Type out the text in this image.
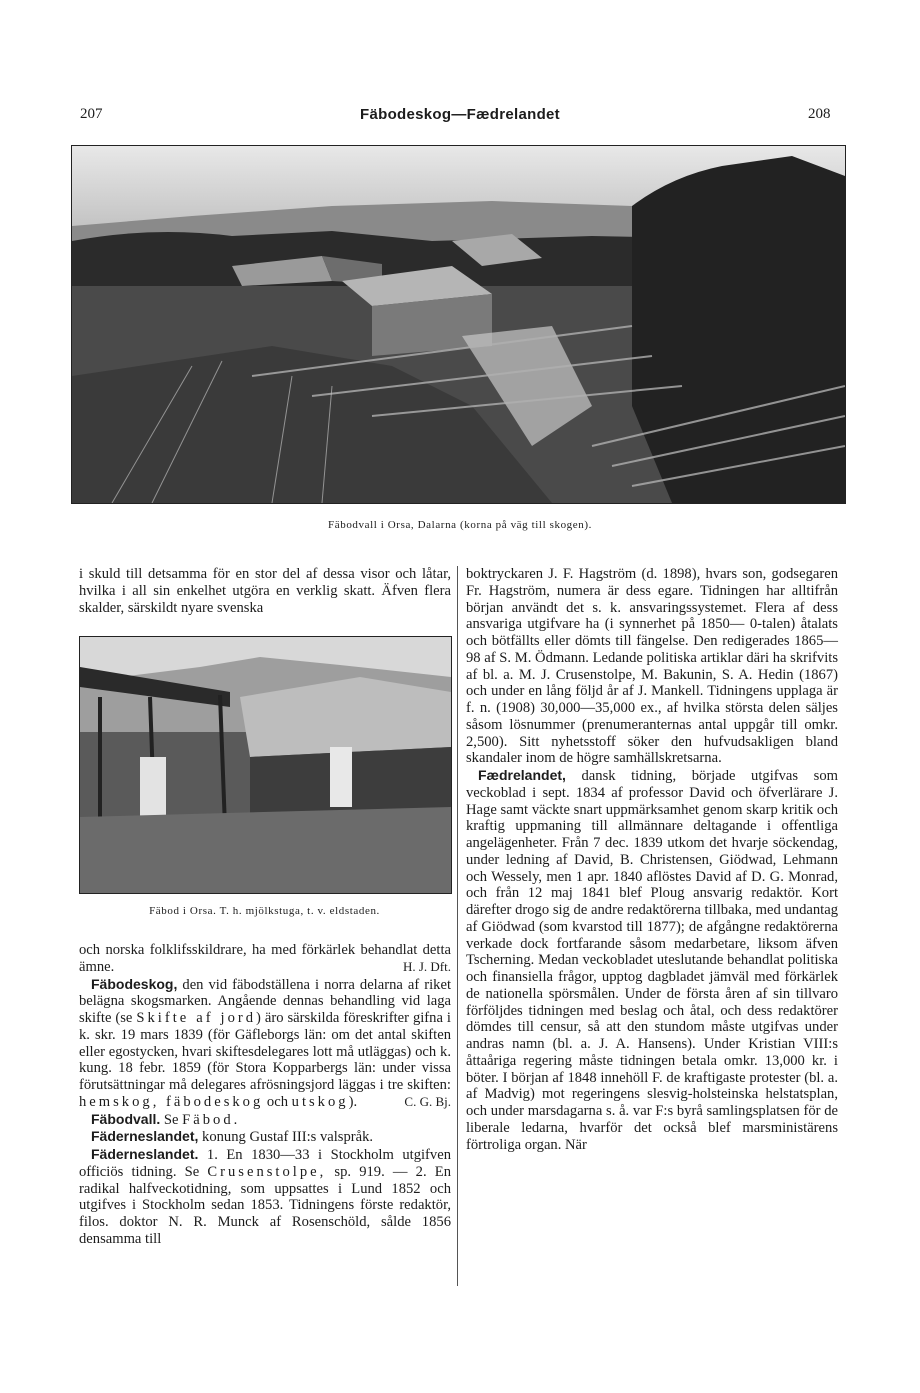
207	Fäbodeskog—Fædrelandet	208
Fäbodvall i Orsa, Dalarna (korna på väg till skogen).

i skuld till detsamma för en stor del af dessa visor och låtar, hvilka i all sin enkelhet utgöra en verklig skatt. Äfven flera skalder, särskildt nyare svenska

Fäbod i Orsa. T. h. mjölkstuga, t. v. eldstaden.

och norska folklifsskildrare, ha med förkärlek behandlat detta ämne.	H. J. Dft.

Fäbodeskog, den vid fäbodställena i norra delarna af riket belägna skogsmarken. Angående dennas behandling vid laga skifte (se Skifte af jord) äro särskilda föreskrifter gifna i k. skr. 19 mars 1839 (för Gäfleborgs län: om det antal skiften eller egostycken, hvari skiftesdelegares lott må utläggas) och k. kung. 18 febr. 1859 (för Stora Kopparbergs län: under vissa förutsättningar må delegares afrösningsjord läggas i tre skiften: hemskog, fäbodeskog och utskog).	C. G. Bj.

Fäbodvall. Se Fäbod.

Fäderneslandet, konung Gustaf III:s valspråk.

Fäderneslandet. 1. En 1830—33 i Stockholm utgifven officiös tidning. Se Crusenstolpe, sp. 919. — 2. En radikal halfveckotidning, som uppsattes i Lund 1852 och utgifves i Stockholm sedan 1853. Tidningens förste redaktör, filos. doktor N. R. Munck af Rosenschöld, sålde 1856 densamma till

boktryckaren J. F. Hagström (d. 1898), hvars son, godsegaren Fr. Hagström, numera är dess egare. Tidningen har alltifrån början användt det s. k. ansvaringssystemet. Flera af dess ansvariga utgifvare ha (i synnerhet på 1850— 0-talen) åtalats och bötfällts eller dömts till fängelse. Den redigerades 1865—98 af S. M. Ödmann. Ledande politiska artiklar däri ha skrifvits af bl. a. M. J. Crusenstolpe, M. Bakunin, S. A. Hedin (1867) och under en lång följd år af J. Mankell. Tidningens upplaga är f. n. (1908) 30,000—35,000 ex., af hvilka största delen säljes såsom lösnummer (prenumeranternas antal uppgår till omkr. 2,500). Sitt nyhetsstoff söker den hufvudsakligen bland skandaler inom de högre samhällskretsarna.

Fædrelandet, dansk tidning, började utgifvas som veckoblad i sept. 1834 af professor David och öfverlärare J. Hage samt väckte snart uppmärksamhet genom skarp kritik och kraftig uppmaning till allmännare deltagande i offentliga angelägenheter. Från 7 dec. 1839 utkom det hvarje söckendag, under ledning af David, B. Christensen, Giödwad, Lehmann och Wessely, men 1 apr. 1840 aflöstes David af D. G. Monrad, och från 12 maj 1841 blef Ploug ansvarig redaktör. Kort därefter drogo sig de andre redaktörerna tillbaka, med undantag af Giödwad (som kvarstod till 1877); de afgångne redaktörerna verkade dock fortfarande såsom medarbetare, liksom äfven Tscherning. Medan veckobladet uteslutande behandlat politiska och finansiella frågor, upptog dagbladet jämväl med förkärlek de nationella spörsmålen. Under de första åren af sin tillvaro förföljdes tidningen med beslag och åtal, och dess redaktörer dömdes till censur, så att den stundom måste utgifvas under andras namn (bl. a. J. A. Hansens). Under Kristian VIII:s åttaåriga regering måste tidningen betala omkr. 13,000 kr. i böter. I början af 1848 innehöll F. de kraftigaste protester (bl. a. af Madvig) mot regeringens slesvig-holsteinska helstatsplan, och under marsdagarna s. å. var F:s byrå samlingsplatsen för de liberale ledarna, hvarför det också blef marsministärens förtroliga organ. När
